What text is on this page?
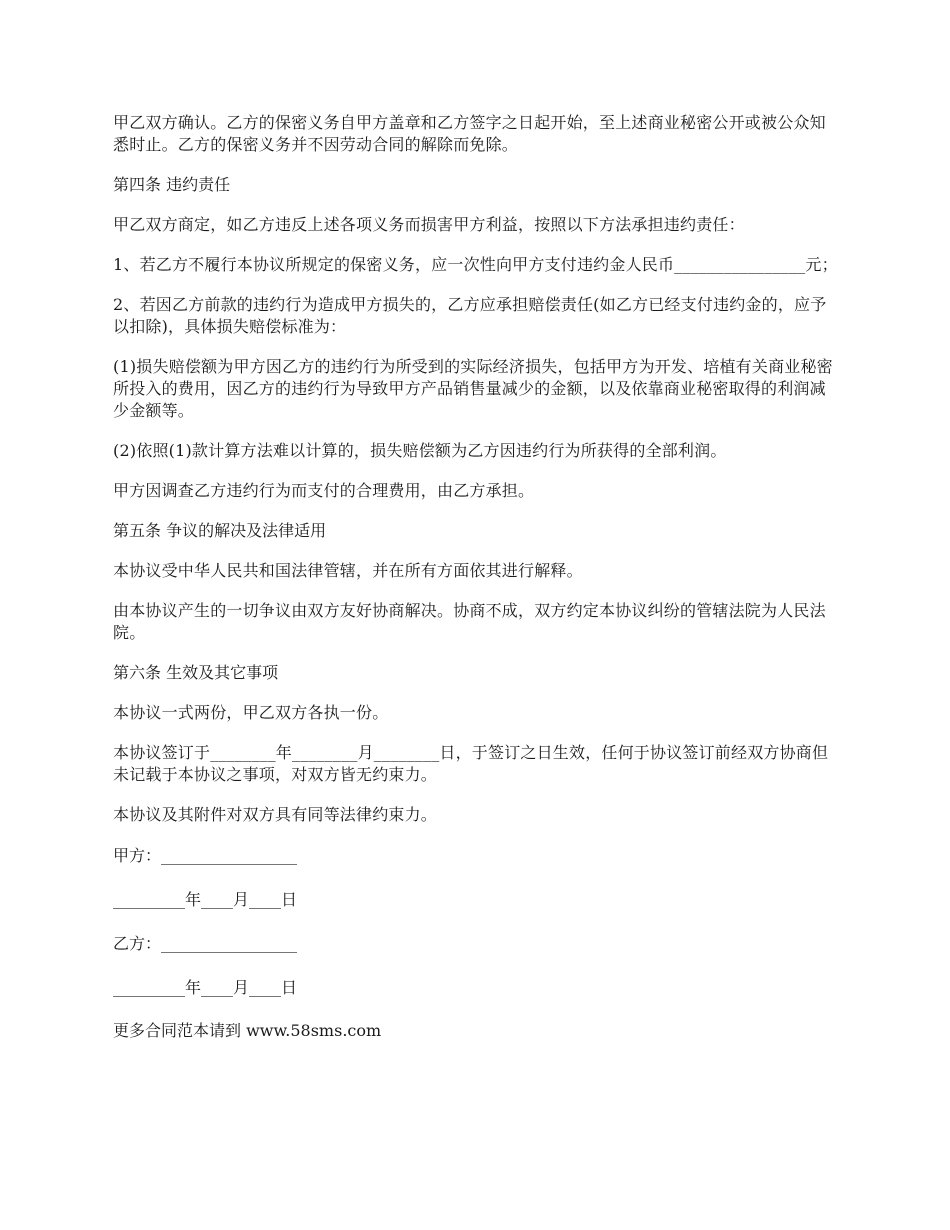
甲乙双方确认。乙方的保密义务自甲方盖章和乙方签字之日起开始，至上述商业秘密公开或被公众知悉时止。乙方的保密义务并不因劳动合同的解除而免除。

第四条 违约责任

甲乙双方商定，如乙方违反上述各项义务而损害甲方利益，按照以下方法承担违约责任：

1、若乙方不履行本协议所规定的保密义务，应一次性向甲方支付违约金人民币________________元；

2、若因乙方前款的违约行为造成甲方损失的，乙方应承担赔偿责任(如乙方已经支付违约金的，应予以扣除)，具体损失赔偿标准为：

(1)损失赔偿额为甲方因乙方的违约行为所受到的实际经济损失，包括甲方为开发、培植有关商业秘密所投入的费用，因乙方的违约行为导致甲方产品销售量减少的金额，以及依靠商业秘密取得的利润减少金额等。

(2)依照(1)款计算方法难以计算的，损失赔偿额为乙方因违约行为所获得的全部利润。

甲方因调查乙方违约行为而支付的合理费用，由乙方承担。

第五条 争议的解决及法律适用

本协议受中华人民共和国法律管辖，并在所有方面依其进行解释。

由本协议产生的一切争议由双方友好协商解决。协商不成，双方约定本协议纠纷的管辖法院为人民法院。

第六条 生效及其它事项

本协议一式两份，甲乙双方各执一份。

本协议签订于________年________月________日，于签订之日生效，任何于协议签订前经双方协商但未记载于本协议之事项，对双方皆无约束力。

本协议及其附件对双方具有同等法律约束力。

甲方：_________________
_________年____月____日
乙方：_________________
_________年____月____日

更多合同范本请到 www.58sms.com
